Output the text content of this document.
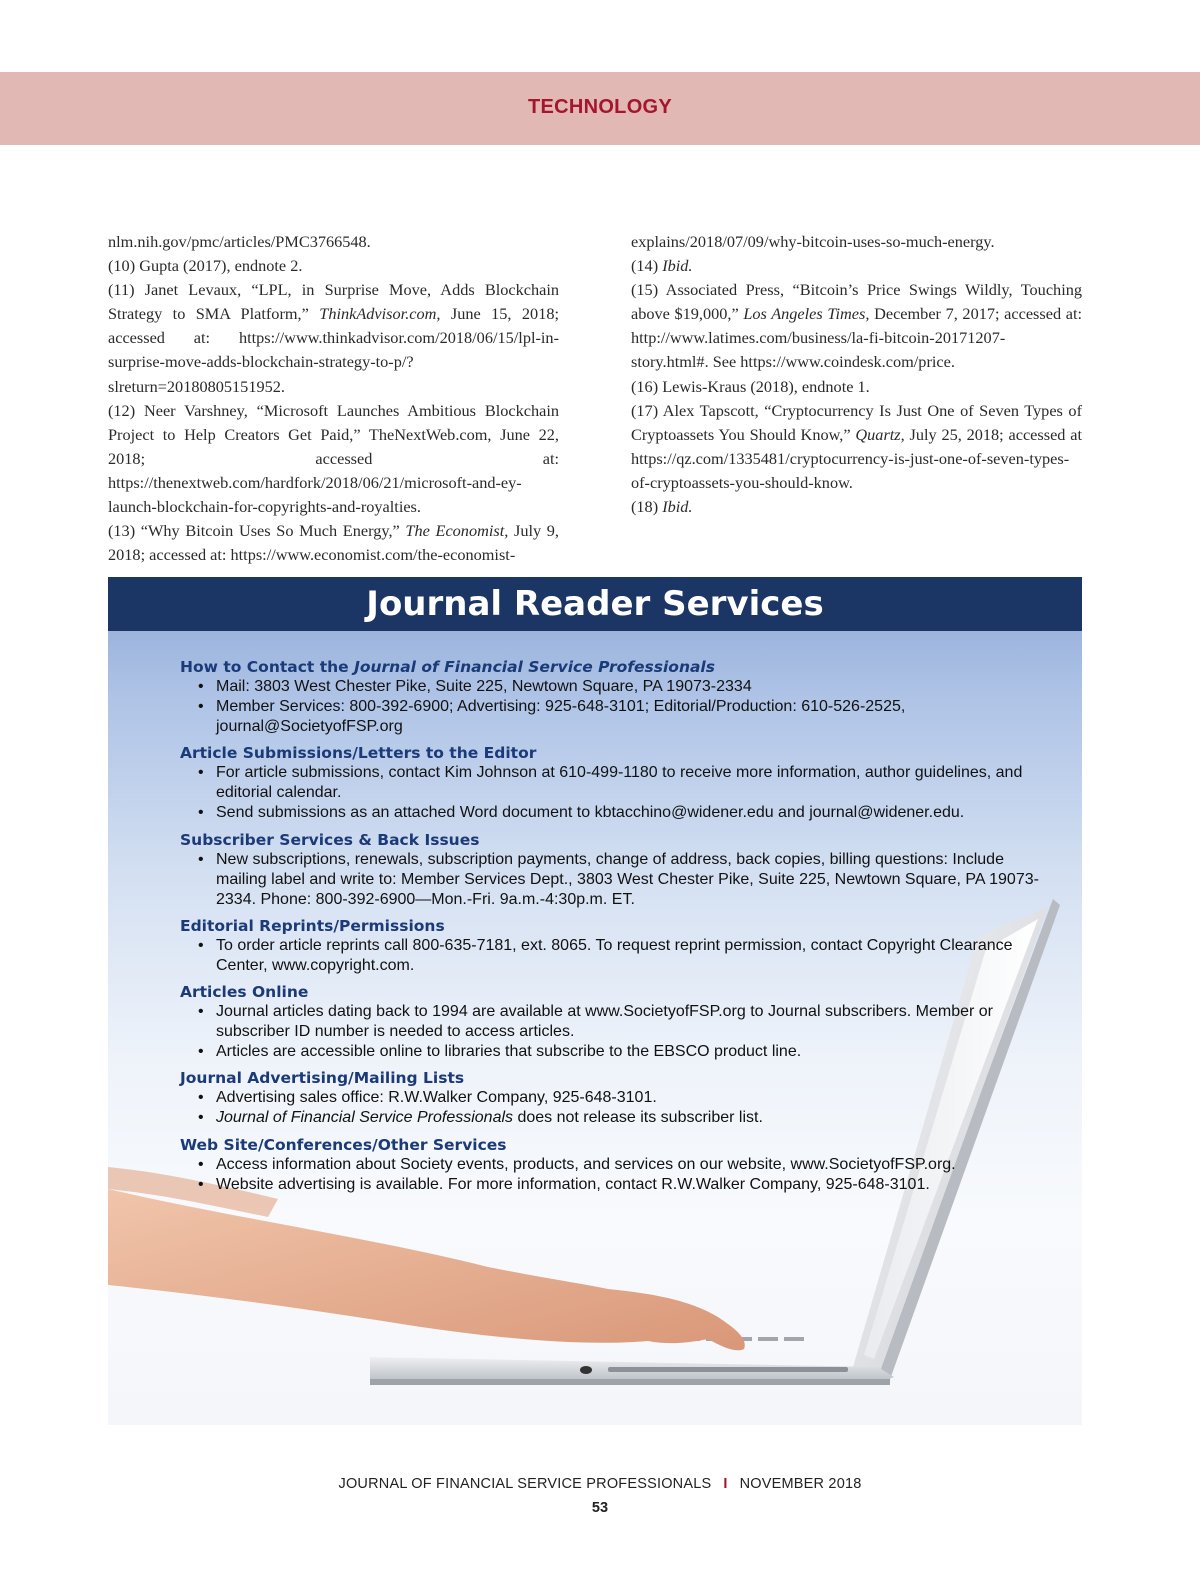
TECHNOLOGY

nlm.nih.gov/pmc/articles/PMC3766548.

(10) Gupta (2017), endnote 2.

(11) Janet Levaux, “LPL, in Surprise Move, Adds Blockchain Strategy to SMA Platform,” ThinkAdvisor.com, June 15, 2018; accessed at: https://www.thinkadvisor.com/2018/06/15/lpl-in-surprise-move-adds-blockchain-strategy-to-p/?slreturn=20180805151952.

(12) Neer Varshney, “Microsoft Launches Ambitious Blockchain Project to Help Creators Get Paid,” TheNextWeb.com, June 22, 2018; accessed at: https://thenextweb.com/hardfork/2018/06/21/microsoft-and-ey-launch-blockchain-for-copyrights-and-royalties.

(13) “Why Bitcoin Uses So Much Energy,” The Economist, July 9, 2018; accessed at: https://www.economist.com/the-economist-

explains/2018/07/09/why-bitcoin-uses-so-much-energy.

(14) Ibid.

(15) Associated Press, “Bitcoin’s Price Swings Wildly, Touching above $19,000,” Los Angeles Times, December 7, 2017; accessed at: http://www.latimes.com/business/la-fi-bitcoin-20171207-story.html#. See https://www.coindesk.com/price.

(16) Lewis-Kraus (2018), endnote 1.

(17) Alex Tapscott, “Cryptocurrency Is Just One of Seven Types of Cryptoassets You Should Know,” Quartz, July 25, 2018; accessed at https://qz.com/1335481/cryptocurrency-is-just-one-of-seven-types-of-cryptoassets-you-should-know.

(18) Ibid.

Journal Reader Services
How to Contact the Journal of Financial Service Professionals
• Mail: 3803 West Chester Pike, Suite 225, Newtown Square, PA 19073-2334
• Member Services: 800-392-6900; Advertising: 925-648-3101; Editorial/Production: 610-526-2525, journal@SocietyofFSP.org
Article Submissions/Letters to the Editor
• For article submissions, contact Kim Johnson at 610-499-1180 to receive more information, author guidelines, and editorial calendar.
• Send submissions as an attached Word document to kbtacchino@widener.edu and journal@widener.edu.
Subscriber Services & Back Issues
• New subscriptions, renewals, subscription payments, change of address, back copies, billing questions: Include mailing label and write to: Member Services Dept., 3803 West Chester Pike, Suite 225, Newtown Square, PA 19073-2334. Phone: 800-392-6900—Mon.-Fri. 9a.m.-4:30p.m. ET.
Editorial Reprints/Permissions
• To order article reprints call 800-635-7181, ext. 8065. To request reprint permission, contact Copyright Clearance Center, www.copyright.com.
Articles Online
• Journal articles dating back to 1994 are available at www.SocietyofFSP.org to Journal subscribers. Member or subscriber ID number is needed to access articles.
• Articles are accessible online to libraries that subscribe to the EBSCO product line.
Journal Advertising/Mailing Lists
• Advertising sales office: R.W.Walker Company, 925-648-3101.
• Journal of Financial Service Professionals does not release its subscriber list.
Web Site/Conferences/Other Services
• Access information about Society events, products, and services on our website, www.SocietyofFSP.org.
• Website advertising is available. For more information, contact R.W.Walker Company, 925-648-3101.
JOURNAL OF FINANCIAL SERVICE PROFESSIONALS I NOVEMBER 2018
53
